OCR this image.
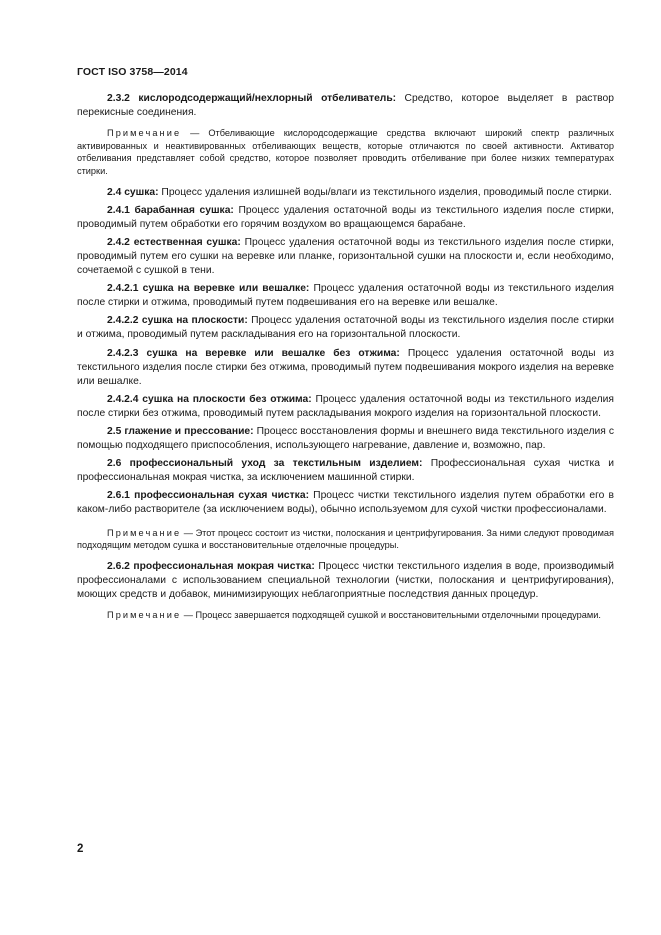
ГОСТ ISO 3758—2014

2.3.2 кислородсодержащий/нехлорный отбеливатель: Средство, которое выделяет в раствор перекисные соединения.

Примечание — Отбеливающие кислородсодержащие средства включают широкий спектр различных активированных и неактивированных отбеливающих веществ, которые отличаются по своей активности. Активатор отбеливания представляет собой средство, которое позволяет проводить отбеливание при более низких температурах стирки.

2.4 сушка: Процесс удаления излишней воды/влаги из текстильного изделия, проводимый после стирки.

2.4.1 барабанная сушка: Процесс удаления остаточной воды из текстильного изделия после стирки, проводимый путем обработки его горячим воздухом во вращающемся барабане.

2.4.2 естественная сушка: Процесс удаления остаточной воды из текстильного изделия после стирки, проводимый путем его сушки на веревке или планке, горизонтальной сушки на плоскости и, если необходимо, сочетаемой с сушкой в тени.

2.4.2.1 сушка на веревке или вешалке: Процесс удаления остаточной воды из текстильного изделия после стирки и отжима, проводимый путем подвешивания его на веревке или вешалке.

2.4.2.2 сушка на плоскости: Процесс удаления остаточной воды из текстильного изделия после стирки и отжима, проводимый путем раскладывания его на горизонтальной плоскости.

2.4.2.3 сушка на веревке или вешалке без отжима: Процесс удаления остаточной воды из текстильного изделия после стирки без отжима, проводимый путем подвешивания мокрого изделия на веревке или вешалке.

2.4.2.4 сушка на плоскости без отжима: Процесс удаления остаточной воды из текстильного изделия после стирки без отжима, проводимый путем раскладывания мокрого изделия на горизонтальной плоскости.

2.5 глажение и прессование: Процесс восстановления формы и внешнего вида текстильного изделия с помощью подходящего приспособления, использующего нагревание, давление и, возможно, пар.

2.6 профессиональный уход за текстильным изделием: Профессиональная сухая чистка и профессиональная мокрая чистка, за исключением машинной стирки.

2.6.1 профессиональная сухая чистка: Процесс чистки текстильного изделия путем обработки его в каком-либо растворителе (за исключением воды), обычно используемом для сухой чистки профессионалами.

Примечание — Этот процесс состоит из чистки, полоскания и центрифугирования. За ними следуют проводимая подходящим методом сушка и восстановительные отделочные процедуры.

2.6.2 профессиональная мокрая чистка: Процесс чистки текстильного изделия в воде, производимый профессионалами с использованием специальной технологии (чистки, полоскания и центрифугирования), моющих средств и добавок, минимизирующих неблагоприятные последствия данных процедур.

Примечание — Процесс завершается подходящей сушкой и восстановительными отделочными процедурами.

2
